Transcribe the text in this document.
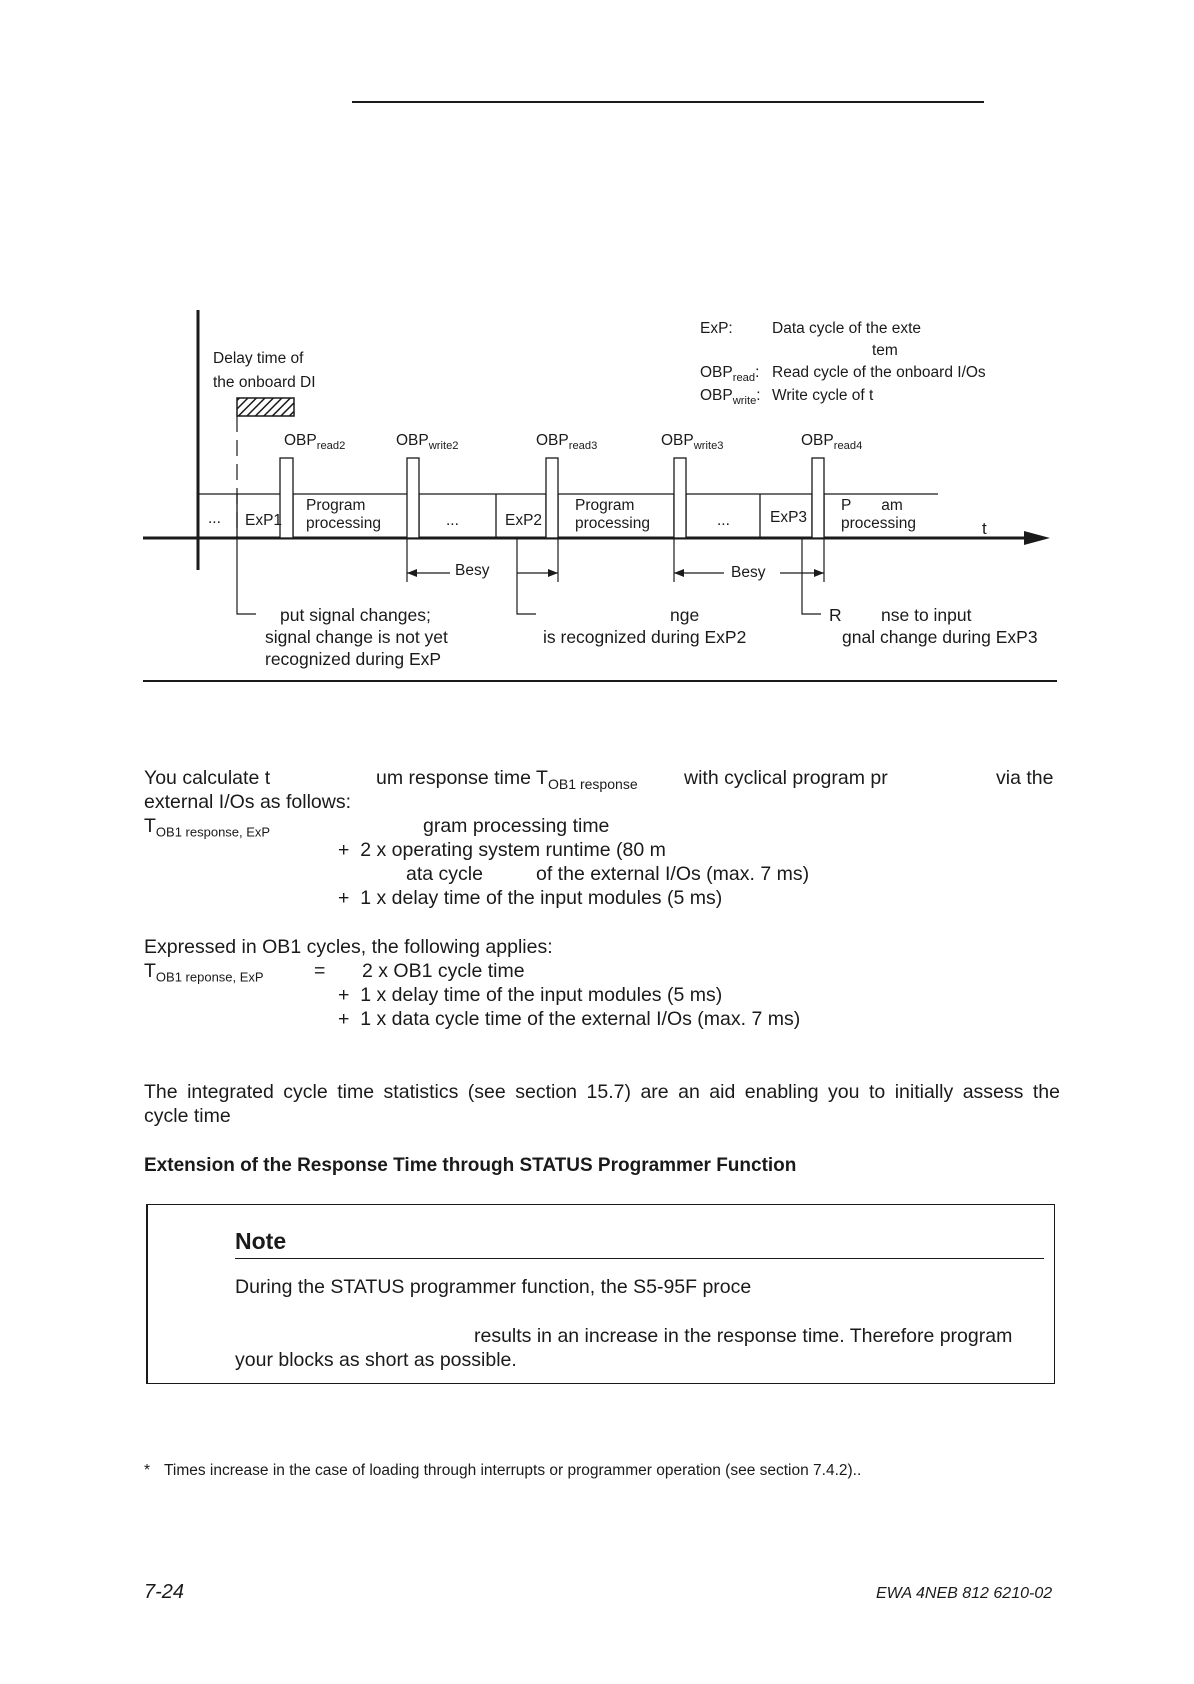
ExP:	Data cycle of the exte
tem
$OBP_{read}$: Read cycle of the onboard I/Os
$OBP_{write}$: Write cycle of t
Delay time of
the onboard DI
$OBP_{read2}$	$OBP_{write2}$	$OBP_{read3}$	$OBP_{write3}$	$OBP_{read4}$
... ExP1
Program
processing	...	ExP2
Program
processing	...	ExP3
P       am
processing	t
Besy	Besy
put signal changes;
signal change is not yet
recognized during ExP
nge
is recognized during ExP2
R	nse to input
gnal change during ExP3
You calculate t	um response time $T_{OB1 response}$ with cyclical program pr	via the
external I/Os as follows:
$T_{OB1 response, ExP}$	gram processing time
+  2 x operating system runtime (80 m
ata cycle	of the external I/Os (max. 7 ms)
+  1 x delay time of the input modules (5 ms)
Expressed in OB1 cycles, the following applies:
$T_{OB1 reponse, ExP}$	= 2 x OB1 cycle time
+  1 x delay time of the input modules (5 ms)
+  1 x data cycle time of the external I/Os (max. 7 ms)
The integrated cycle time statistics (see section 15.7) are an aid enabling you to initially assess the
cycle time
Extension of the Response Time through STATUS Programmer Function
Note
During the STATUS programmer function, the S5-95F proce
results in an increase in the response time. Therefore program
your blocks as short as possible.
* Times increase in the case of loading through interrupts or programmer operation (see section 7.4.2)..
7-24	EWA 4NEB 812 6210-02
